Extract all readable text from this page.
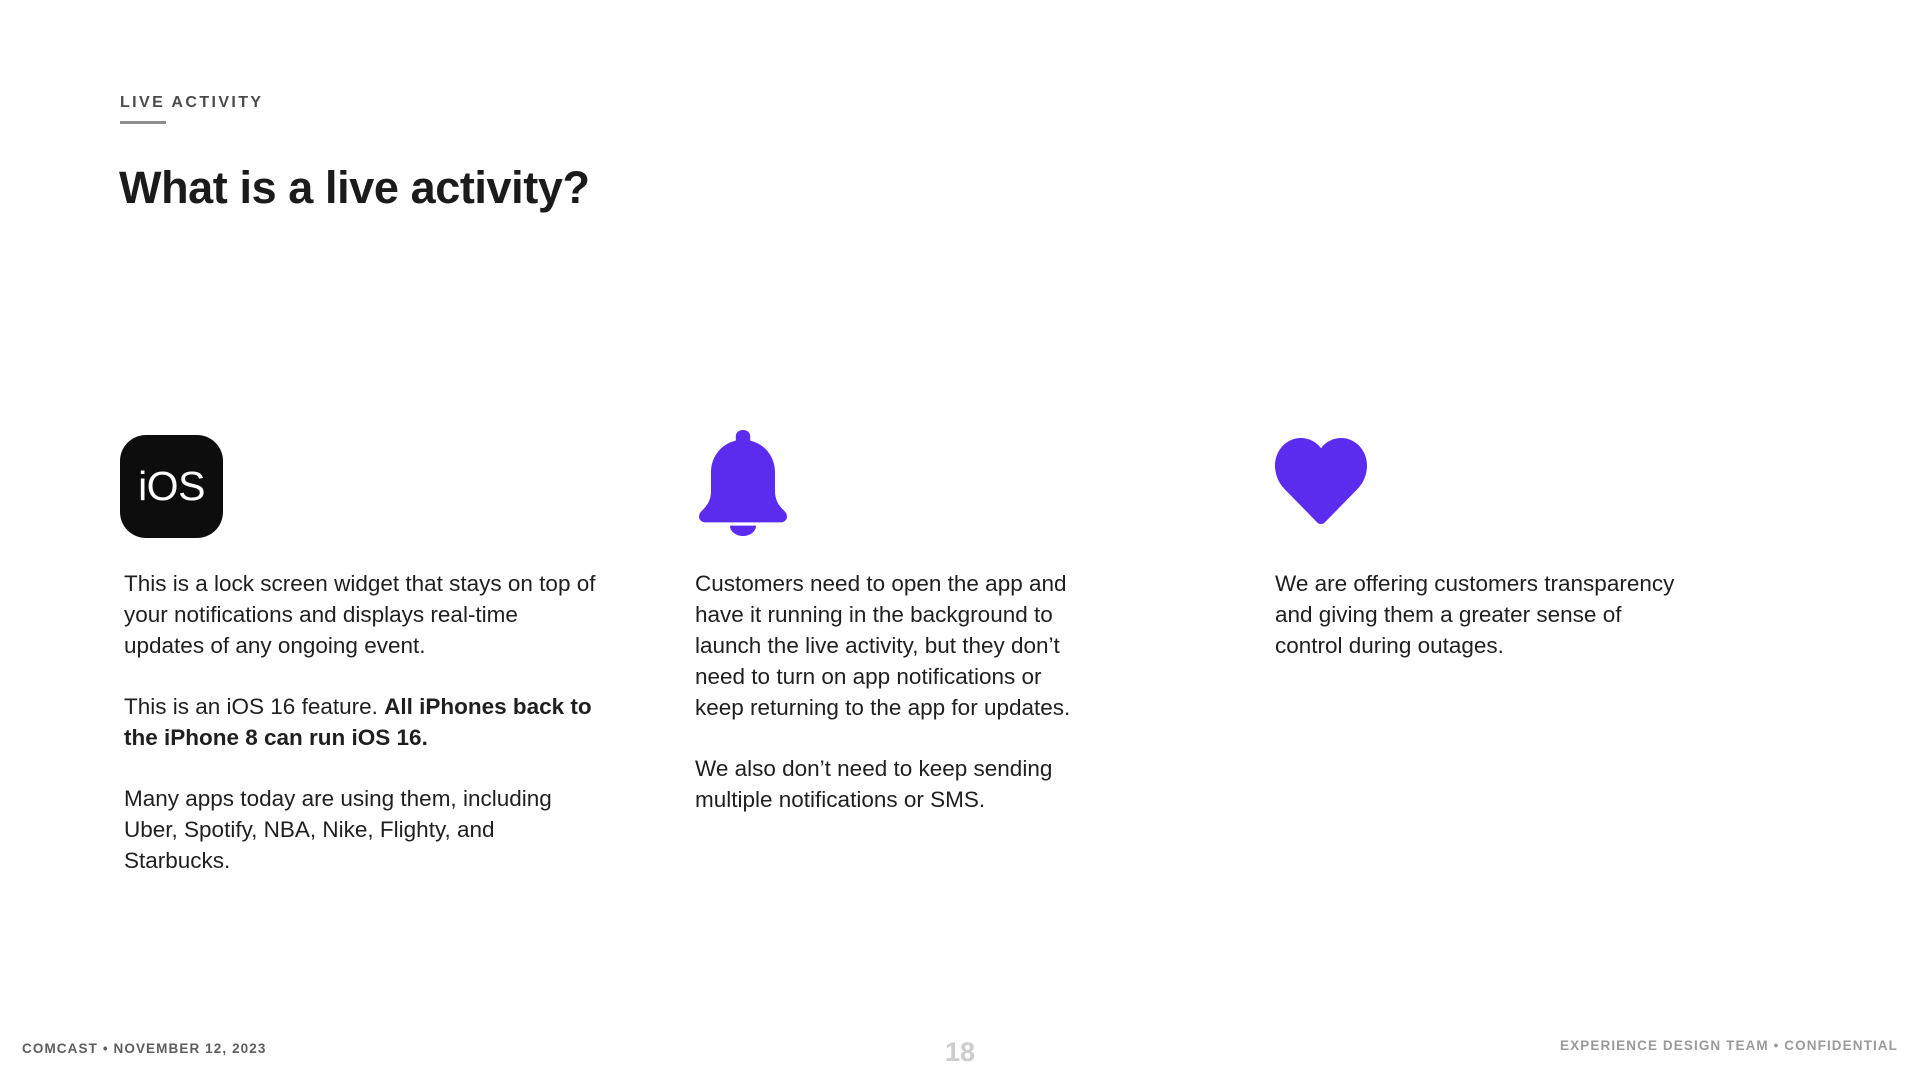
LIVE ACTIVITY
What is a live activity?
iOS

This is a lock screen widget that stays on top of your notifications and displays real-time updates of any ongoing event.

This is an iOS 16 feature. All iPhones back to the iPhone 8 can run iOS 16.

Many apps today are using them, including Uber, Spotify, NBA, Nike, Flighty, and Starbucks.

Customers need to open the app and have it running in the background to launch the live activity, but they don’t need to turn on app notifications or keep returning to the app for updates.

We also don’t need to keep sending multiple notifications or SMS.

We are offering customers transparency and giving them a greater sense of control during outages.

COMCAST • NOVEMBER 12, 2023	18	EXPERIENCE DESIGN TEAM • CONFIDENTIAL
